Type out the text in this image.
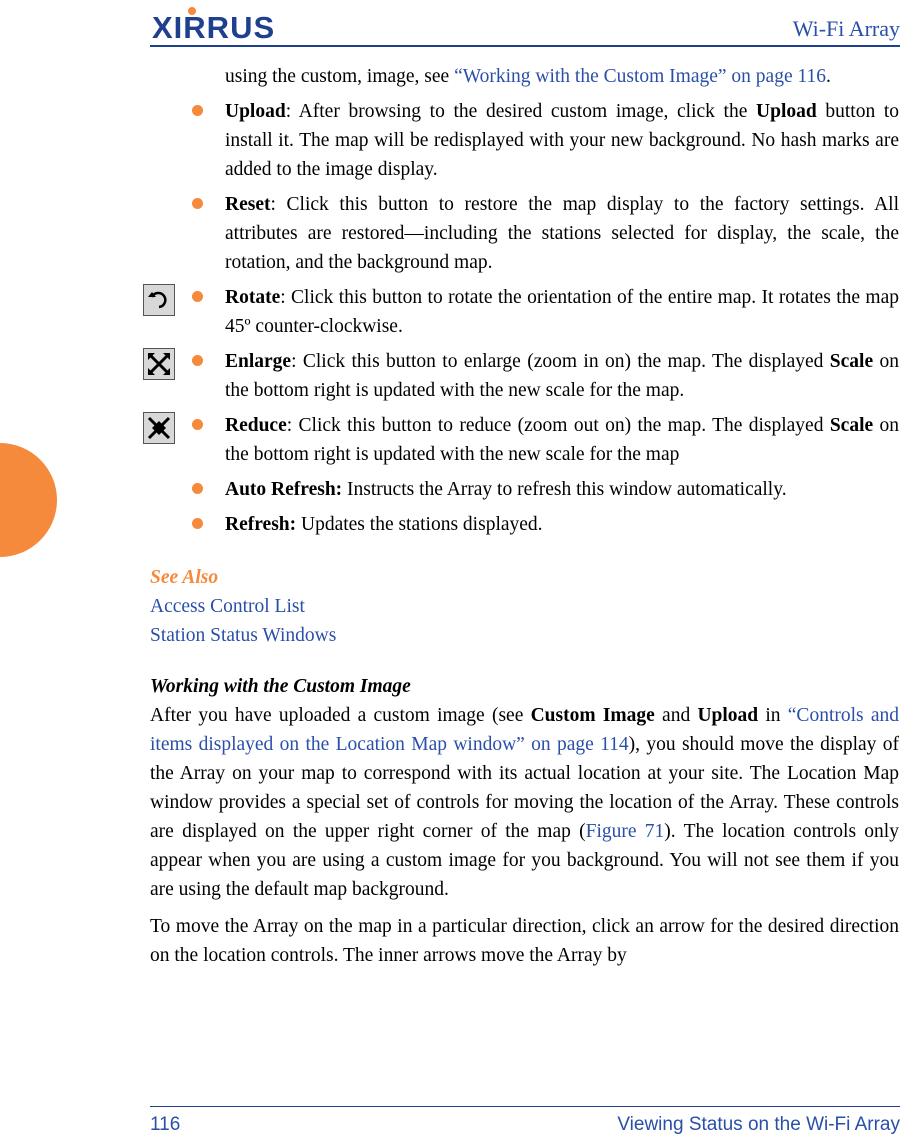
XIRRUS	Wi-Fi Array
using the custom, image, see “Working with the Custom Image” on page 116.
Upload: After browsing to the desired custom image, click the Upload button to install it. The map will be redisplayed with your new background. No hash marks are added to the image display.
Reset: Click this button to restore the map display to the factory settings. All attributes are restored—including the stations selected for display, the scale, the rotation, and the background map.
Rotate: Click this button to rotate the orientation of the entire map. It rotates the map 45º counter-clockwise.
Enlarge: Click this button to enlarge (zoom in on) the map. The displayed Scale on the bottom right is updated with the new scale for the map.
Reduce: Click this button to reduce (zoom out on) the map. The displayed Scale on the bottom right is updated with the new scale for the map
Auto Refresh: Instructs the Array to refresh this window automatically.
Refresh: Updates the stations displayed.
See Also
Access Control List
Station Status Windows
Working with the Custom Image

After you have uploaded a custom image (see Custom Image and Upload in “Controls and items displayed on the Location Map window” on page 114), you should move the display of the Array on your map to correspond with its actual location at your site. The Location Map window provides a special set of controls for moving the location of the Array. These controls are displayed on the upper right corner of the map (Figure 71). The location controls only appear when you are using a custom image for you background. You will not see them if you are using the default map background.

To move the Array on the map in a particular direction, click an arrow for the desired direction on the location controls. The inner arrows move the Array by

116	Viewing Status on the Wi-Fi Array
